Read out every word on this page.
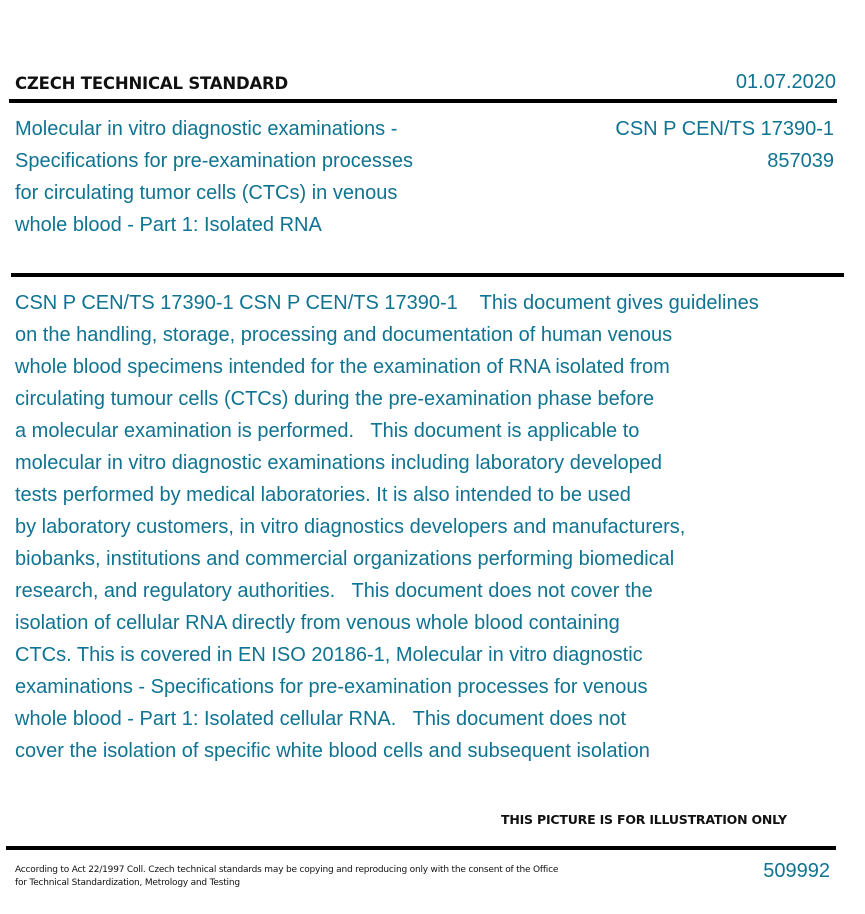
CZECH TECHNICAL STANDARD	01.07.2020
Molecular in vitro diagnostic examinations -
Specifications for pre-examination processes
for circulating tumor cells (CTCs) in venous
whole blood - Part 1: Isolated RNA
CSN P CEN/TS 17390-1
857039
CSN P CEN/TS 17390-1 CSN P CEN/TS 17390-1    This document gives guidelines
on the handling, storage, processing and documentation of human venous
whole blood specimens intended for the examination of RNA isolated from
circulating tumour cells (CTCs) during the pre-examination phase before
a molecular examination is performed.   This document is applicable to
molecular in vitro diagnostic examinations including laboratory developed
tests performed by medical laboratories. It is also intended to be used
by laboratory customers, in vitro diagnostics developers and manufacturers,
biobanks, institutions and commercial organizations performing biomedical
research, and regulatory authorities.   This document does not cover the
isolation of cellular RNA directly from venous whole blood containing
CTCs. This is covered in EN ISO 20186-1, Molecular in vitro diagnostic
examinations - Specifications for pre-examination processes for venous
whole blood - Part 1: Isolated cellular RNA.   This document does not
cover the isolation of specific white blood cells and subsequent isolation
THIS PICTURE IS FOR ILLUSTRATION ONLY
According to Act 22/1997 Coll. Czech technical standards may be copying and reproducing only with the consent of the Office
for Technical Standardization, Metrology and Testing
509992
